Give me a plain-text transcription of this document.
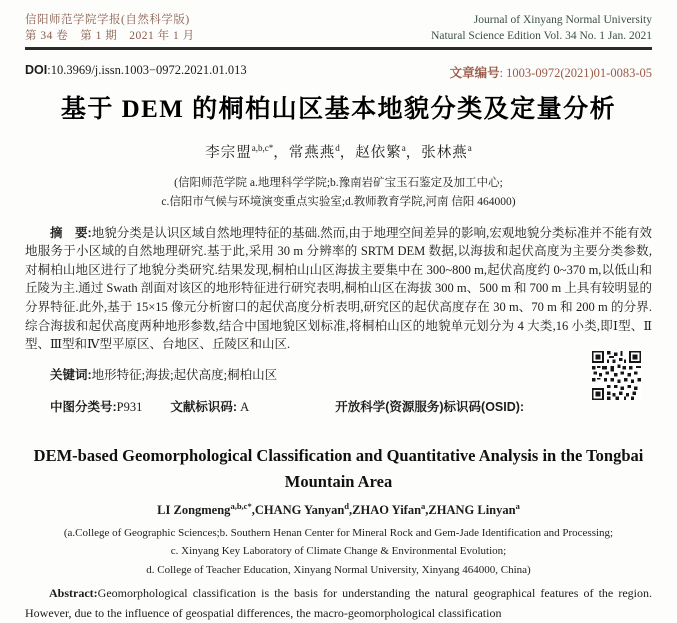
信阳师范学院学报(自然科学版)
第 34 卷　第 1 期　2021 年 1 月
Journal of Xinyang Normal University
Natural Science Edition Vol. 34 No. 1 Jan. 2021
DOI:10.3969/j.issn.1003−0972.2021.01.013	文章编号: 1003-0972(2021)01-0083-05
基于 DEM 的桐柏山区基本地貌分类及定量分析
李宗盟$^{a,b,c*}$，常燕燕$^d$，赵依繁$^a$，张林燕$^a$
(信阳师范学院 a.地理科学学院;b.豫南岩矿宝玉石鉴定及加工中心;
c.信阳市气候与环境演变重点实验室;d.教师教育学院,河南 信阳 464000)

摘　要:地貌分类是认识区域自然地理特征的基础.然而,由于地理空间差异的影响,宏观地貌分类标准并不能有效地服务于小区域的自然地理研究.基于此,采用 30 m 分辨率的 SRTM DEM 数据,以海拔和起伏高度为主要分类参数,对桐柏山地区进行了地貌分类研究.结果发现,桐柏山山区海拔主要集中在 300~800 m,起伏高度约 0~370 m,以低山和丘陵为主.通过 Swath 剖面对该区的地形特征进行研究表明,桐柏山区在海拔 300 m、500 m 和 700 m 上具有较明显的分界特征.此外,基于 15×15 像元分析窗口的起伏高度分析表明,研究区的起伏高度存在 30 m、70 m 和 200 m 的分界.综合海拔和起伏高度两种地形参数,结合中国地貌区划标准,将桐柏山区的地貌单元划分为 4 大类,16 小类,即Ⅰ型、Ⅱ型、Ⅲ型和Ⅳ型平原区、台地区、丘陵区和山区.

关键词:地形特征;海拔;起伏高度;桐柏山区

中图分类号:P931 文献标识码: A	开放科学(资源服务)标识码(OSID):

DEM-based Geomorphological Classification and Quantitative Analysis in the Tongbai Mountain Area
LI Zongmeng$^{a,b,c*}$,CHANG Yanyan$^d$,ZHAO Yifan$^a$,ZHANG Linyan$^a$
(a.College of Geographic Sciences;b. Southern Henan Center for Mineral Rock and Gem-Jade Identification and Processing;
c. Xinyang Key Laboratory of Climate Change & Environmental Evolution;
d. College of Teacher Education, Xinyang Normal University, Xinyang 464000, China)

Abstract:Geomorphological classification is the basis for understanding the natural geographical features of the region. However, due to the influence of geospatial differences, the macro-geomorphological classification
